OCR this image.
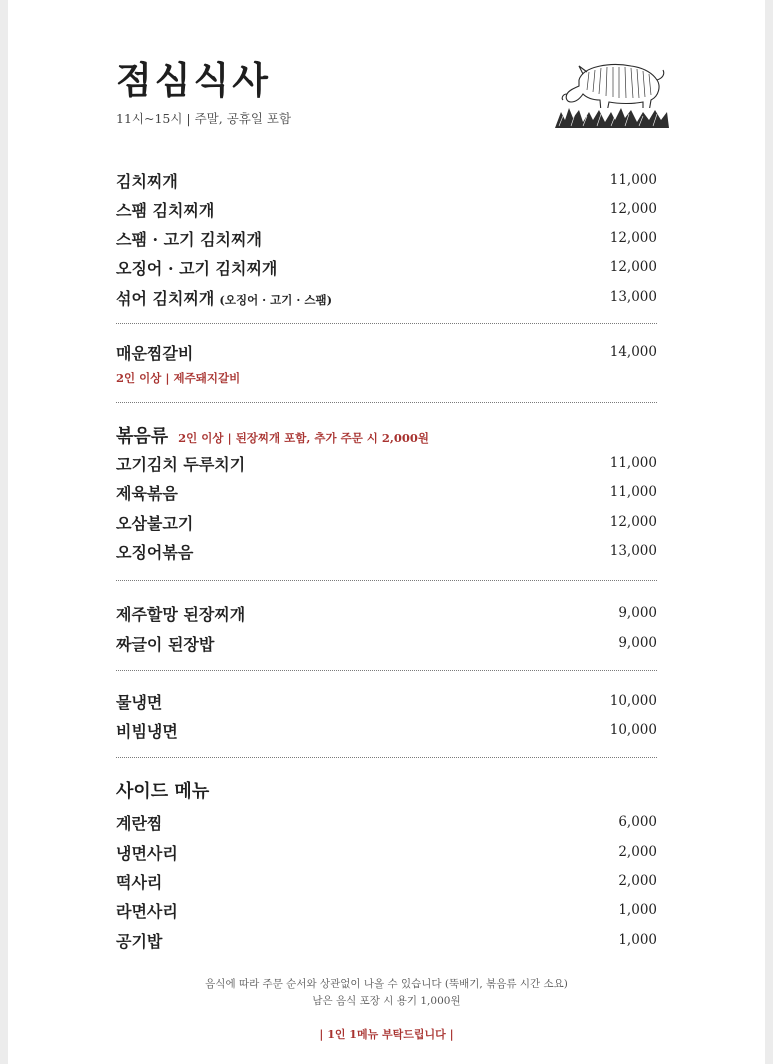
점심식사
11시~15시 | 주말, 공휴일 포함
김치찌개	11,000
스팸 김치찌개	12,000
스팸 · 고기 김치찌개	12,000
오징어 · 고기 김치찌개	12,000
섞어 김치찌개 (오징어 · 고기 · 스팸)	13,000
매운찜갈비	14,000
2인 이상 | 제주돼지갈비
볶음류 2인 이상 | 된장찌개 포함, 추가 주문 시 2,000원
고기김치 두루치기	11,000
제육볶음	11,000
오삼불고기	12,000
오징어볶음	13,000
제주할망 된장찌개	9,000
짜글이 된장밥	9,000
물냉면	10,000
비빔냉면	10,000
사이드 메뉴
계란찜	6,000
냉면사리	2,000
떡사리	2,000
라면사리	1,000
공기밥	1,000
음식에 따라 주문 순서와 상관없이 나올 수 있습니다 (뚝배기, 볶음류 시간 소요)
남은 음식 포장 시 용기 1,000원
| 1인 1메뉴 부탁드립니다 |
